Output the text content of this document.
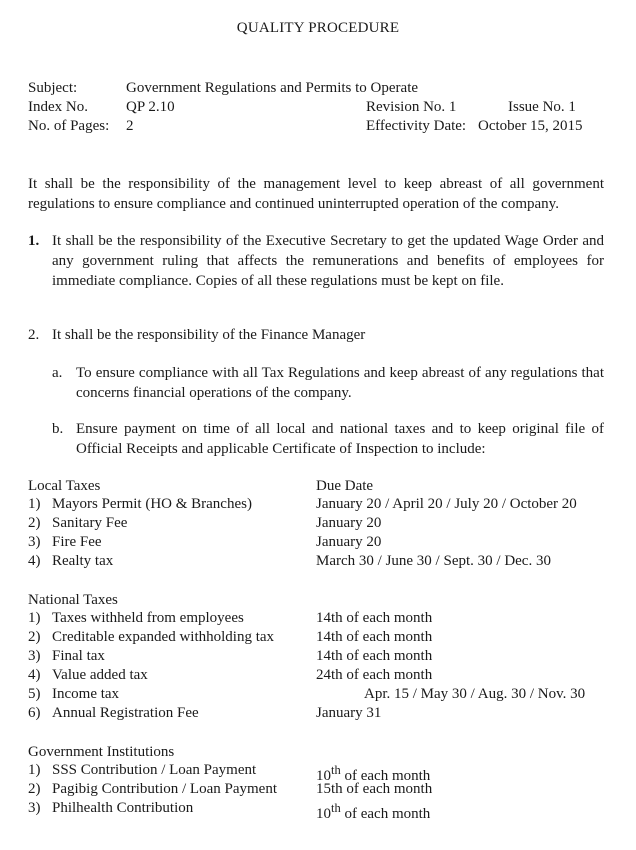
QUALITY PROCEDURE
Subject:	Government Regulations and Permits to Operate
Index No.	QP 2.10	Revision No. 1	Issue No. 1
No. of Pages: 2	Effectivity Date: October 15, 2015
It shall be the responsibility of the management level to keep abreast of all government regulations to ensure compliance and continued uninterrupted operation of the company.
1. It shall be the responsibility of the Executive Secretary to get the updated Wage Order and any government ruling that affects the remunerations and benefits of employees for immediate compliance. Copies of all these regulations must be kept on file.
2. It shall be the responsibility of the Finance Manager
a. To ensure compliance with all Tax Regulations and keep abreast of any regulations that concerns financial operations of the company.
b. Ensure payment on time of all local and national taxes and to keep original file of Official Receipts and applicable Certificate of Inspection to include:
Local Taxes	Due Date
1) Mayors Permit (HO & Branches)	January 20 / April 20 / July 20 / October 20
2) Sanitary Fee	January 20
3) Fire Fee	January 20
4) Realty tax	March 30 / June 30 / Sept. 30 / Dec. 30
National Taxes
1) Taxes withheld from employees	14th of each month
2) Creditable expanded withholding tax	14th of each month
3) Final tax	14th of each month
4) Value added tax	24th of each month
5) Income tax	Apr. 15 / May 30 / Aug. 30 / Nov. 30
6) Annual Registration Fee	January 31
Government Institutions
1) SSS Contribution / Loan Payment	10th of each month
2) Pagibig Contribution / Loan Payment	15th of each month
3) Philhealth Contribution	10th of each month
